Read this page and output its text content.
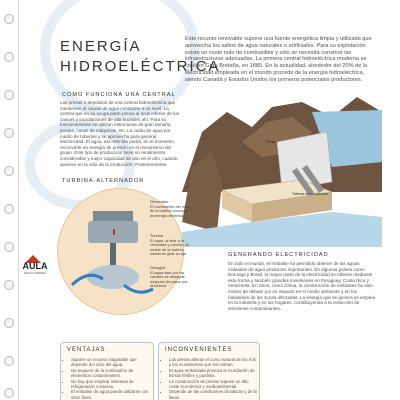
ENERGÍA
HIDROELÉCTRICA
Este recurso renovable supone una fuente energética limpia y utilizada que aprovecha los saltos de agua naturales o artificiales. Para su explotación existe un coste nulo de combustible y sólo se necesita construir las infraestructuras adecuadas. La primera central hidroeléctrica moderna se creó en Gran Bretaña, en 1880. En la actualidad, alrededor del 20% de la electricidad empleada en el mundo procede de la energía hidroeléctrica, siendo Canadá y Estados Unidos los primeros potenciales productores.
CÓMO FUNCIONA UNA CENTRAL
Las presas o depósitos de una central hidroeléctrica que mantienen el caudal de agua constante a un nivel. La central que en su ocupa parte previa al nivel inferior de los cauces y inundaciones de alta suceden ahí. Para su funcionamiento se utilizan estructuras de gran tamaño, presas, casas de máquinas, etc. La caída de agua por medio de tuberías y se aprovecha para generar electricidad. El agua, así retenida podrá, en el momento, reconvertir en energía de presión en el mecanismo del grupo. Este tipo de producción tiene un rendimiento considerable y mejor capacidad de uso en el año, cuando aparece en la vida de la producción. Posteriormente,
Presa
Tubería de conducción
TURBINA-ALTERNADOR
Generador
El movimiento del rotor de la turbina provoca la energía eléctrica
Turbina
El agua, al salir a la velocidad y presión, el rodete de la turbina, haciendo girar su eje
Desagüe
El agua sale por los canales de desagüe después de pasar por la turbina
AULA
ENCICLOPEDIA
GENERANDO ELECTRICIDAD
En todo el mundo, el embalse ha permitido obtener de las aguas rodeadas de agua productos importantes. En algunos países como Noruega y Brasil, la mayor parte de la electricidad se obtiene mediante esta forma y también grandes inversiones en Paraguay, Costa Rica y Venezuela. En otros, como China, la construcción de embalses ha sido motivo de debate por su impacto en el medio ambiente y en los habitantes de las zonas afectadas. La energía que se genera se emplea en la industria y en los hogares, contribuyendo a la reducción de emisiones contaminantes.
VENTAJAS
• Supone un recurso inagotable que depende del ciclo del agua.
• No requiere de la combustión de elementos contaminantes.
• No hay que emplear sistemas de refrigeración costosos.
• El embalse de agua puede utilizarse con otros fines.
INCONVENIENTES
• Las presas alteran el curso natural de los ríos y los ecosistemas que los rodean.
• El agua embalsada provoca la inundación de tierras fértiles y pueblos.
• La construcción de presas supone un alto coste económico y medioambiental.
• Depende de las condiciones climáticas y de la lluvia.
